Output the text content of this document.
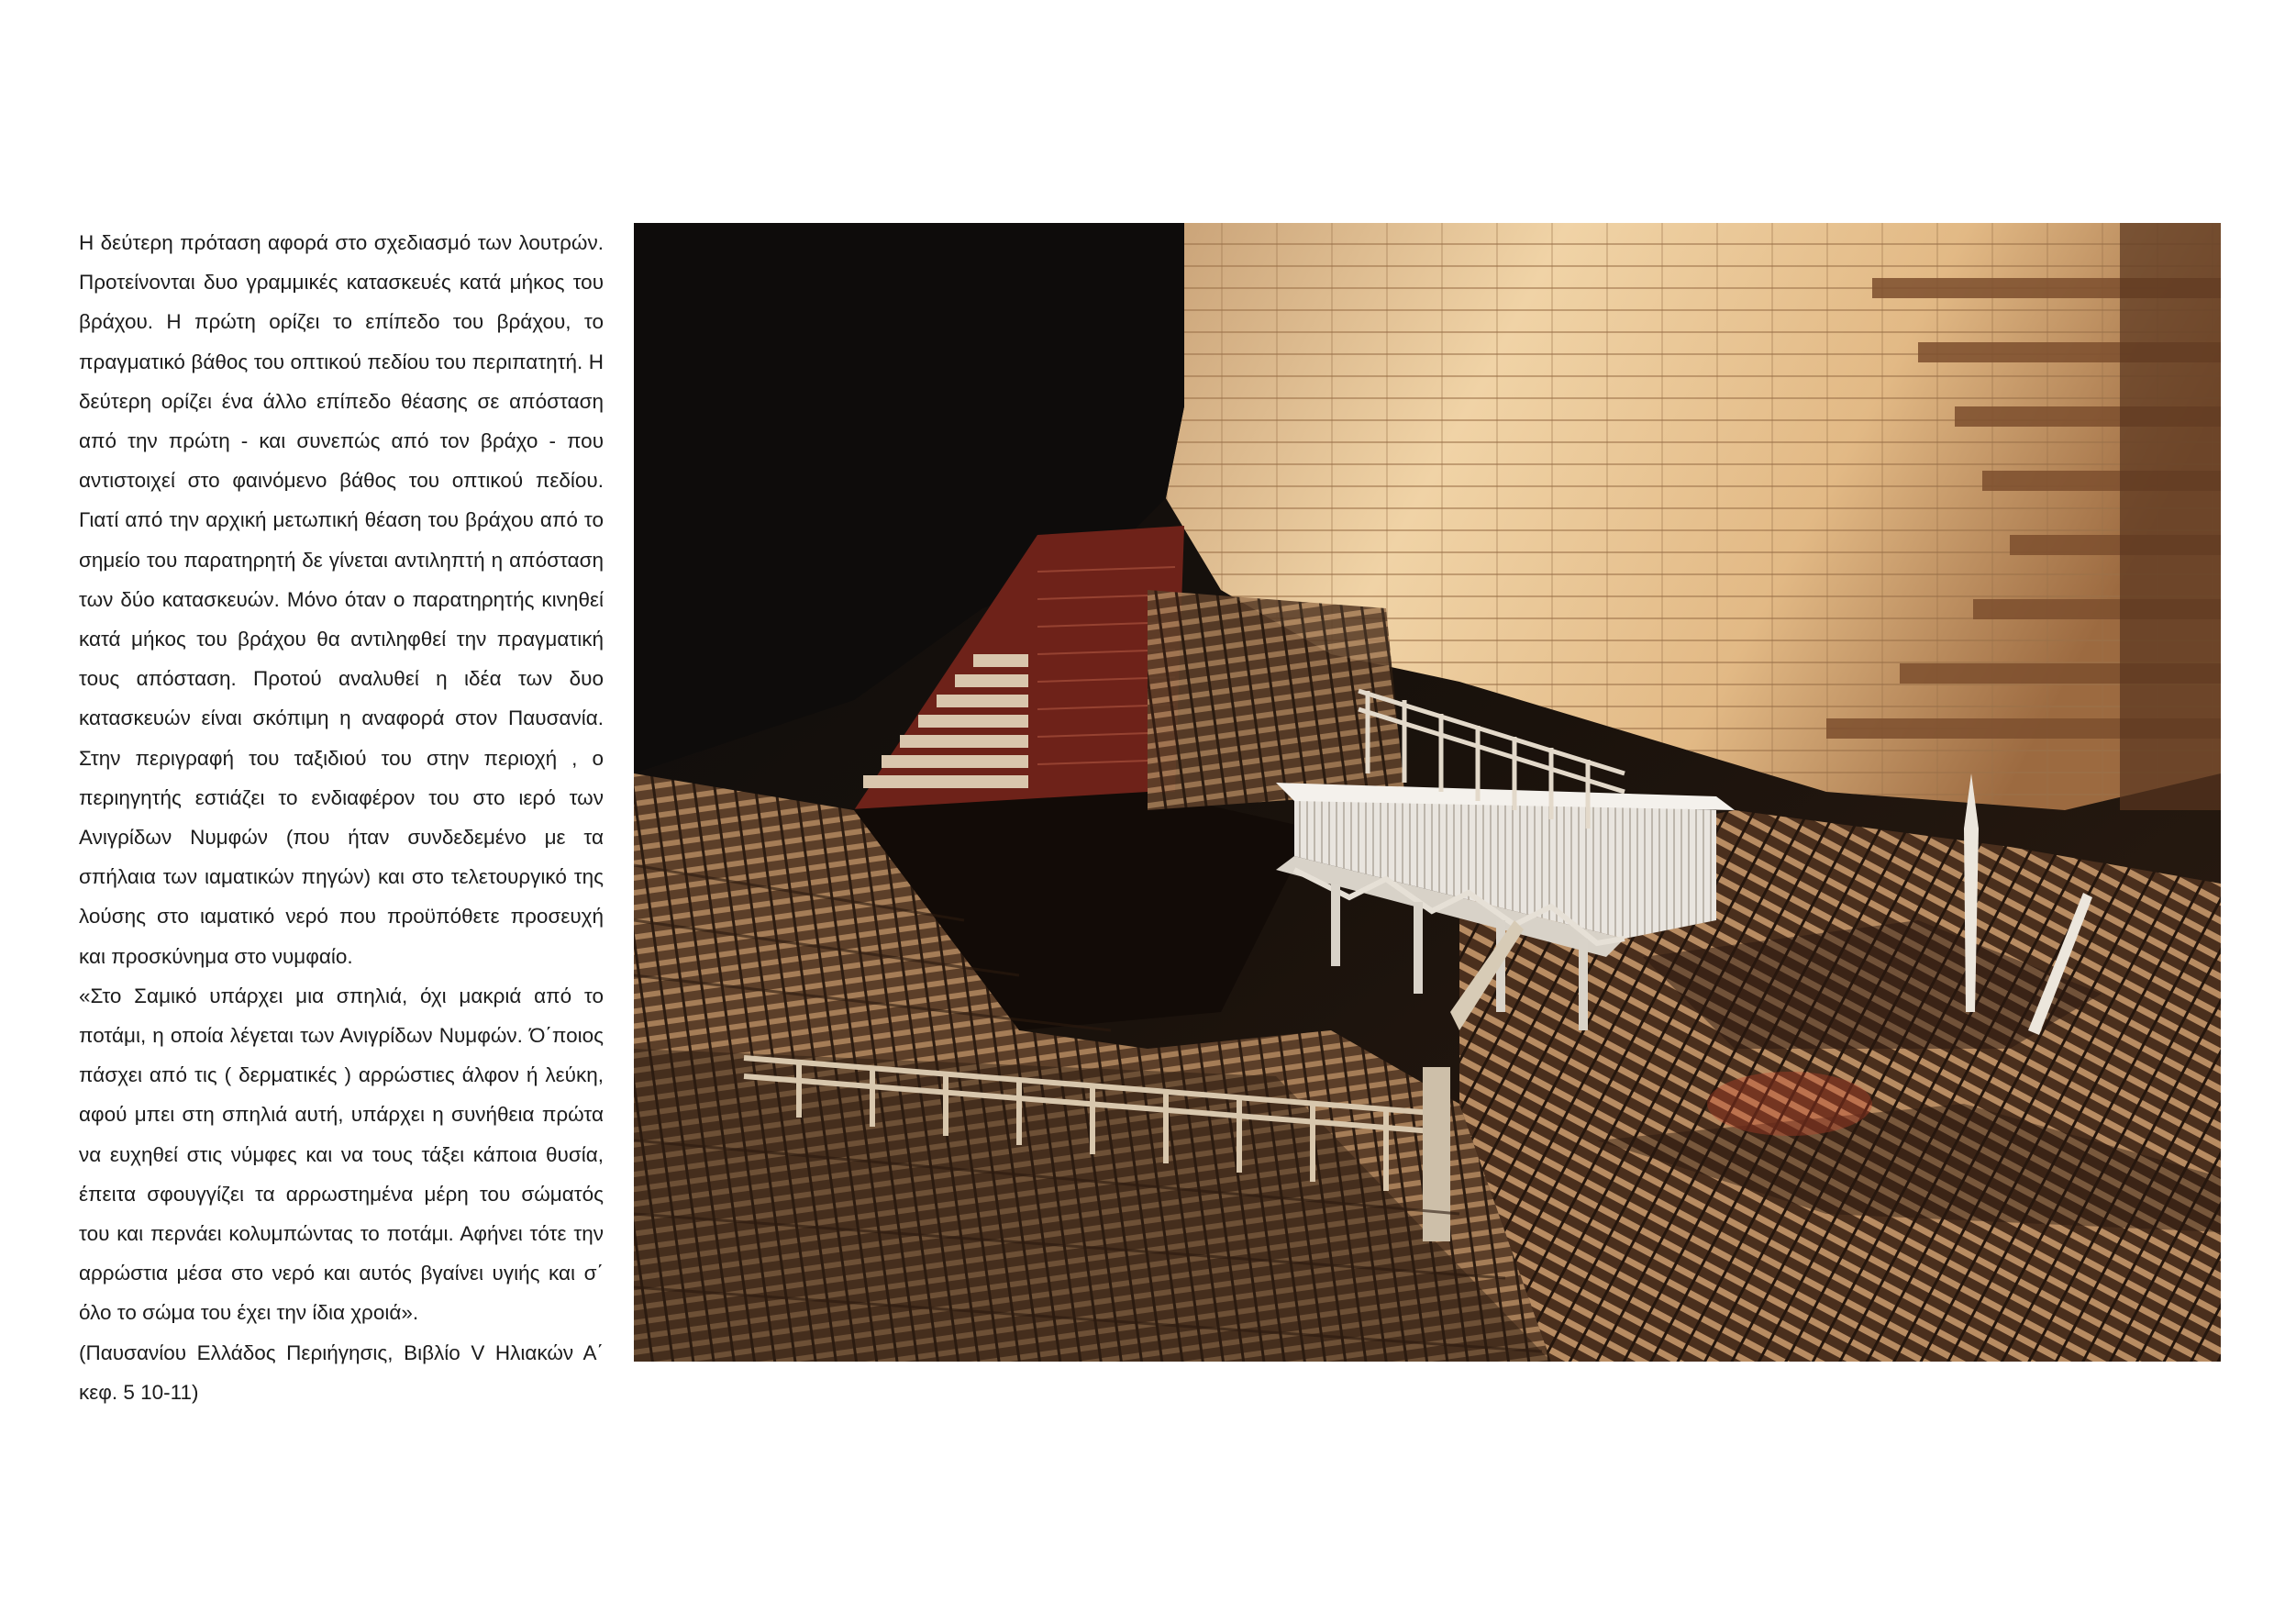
Η δεύτερη πρόταση αφορά στο σχεδιασμό των λουτρών. Προτείνονται δυο γραμμικές κατασκευές κατά μήκος του βράχου. Η πρώτη ορίζει το επίπεδο του βράχου, το πραγματικό βάθος του οπτικού πεδίου του περιπατητή. Η δεύτερη ορίζει ένα άλλο επίπεδο θέασης σε απόσταση από την πρώτη - και συνεπώς από τον βράχο - που αντιστοιχεί στο φαινόμενο βάθος του οπτικού πεδίου. Γιατί από την αρχική μετωπική θέαση του βράχου από το σημείο του παρατηρητή δε γίνεται αντιληπτή η απόσταση των δύο κατασκευών. Μόνο όταν ο παρατηρητής κινηθεί κατά μήκος του βράχου θα αντιληφθεί την πραγματική τους απόσταση. Προτού αναλυθεί η ιδέα των δυο κατασκευών είναι σκόπιμη η αναφορά στον Παυσανία. Στην περιγραφή του ταξιδιού του στην περιοχή , ο περιηγητής εστιάζει το ενδιαφέρον του στο ιερό των Ανιγρίδων Νυμφών (που ήταν συνδεδεμένο με τα σπήλαια των ιαματικών πηγών) και στο τελετουργικό της λούσης στο ιαματικό νερό που προϋπόθετε προσευχή και προσκύνημα στο νυμφαίο.

«Στο Σαμικό υπάρχει μια σπηλιά, όχι μακριά από το ποτάμι, η οποία λέγεται των Ανιγρίδων Νυμφών. Ό΄ποιος πάσχει από τις ( δερματικές ) αρρώστιες άλφον ή λεύκη, αφού μπει στη σπηλιά αυτή, υπάρχει η συνήθεια πρώτα να ευχηθεί στις νύμφες και να τους τάξει κάποια θυσία, έπειτα σφουγγίζει τα αρρωστημένα μέρη του σώματός του και περνάει κολυμπώντας το ποτάμι. Αφήνει τότε την αρρώστια μέσα στο νερό και αυτός βγαίνει υγιής και σ΄ όλο το σώμα του έχει την ίδια χροιά».

(Παυσανίου Ελλάδος Περιήγησις, Βιβλίο V Ηλιακών Α΄ κεφ. 5 10-11)
